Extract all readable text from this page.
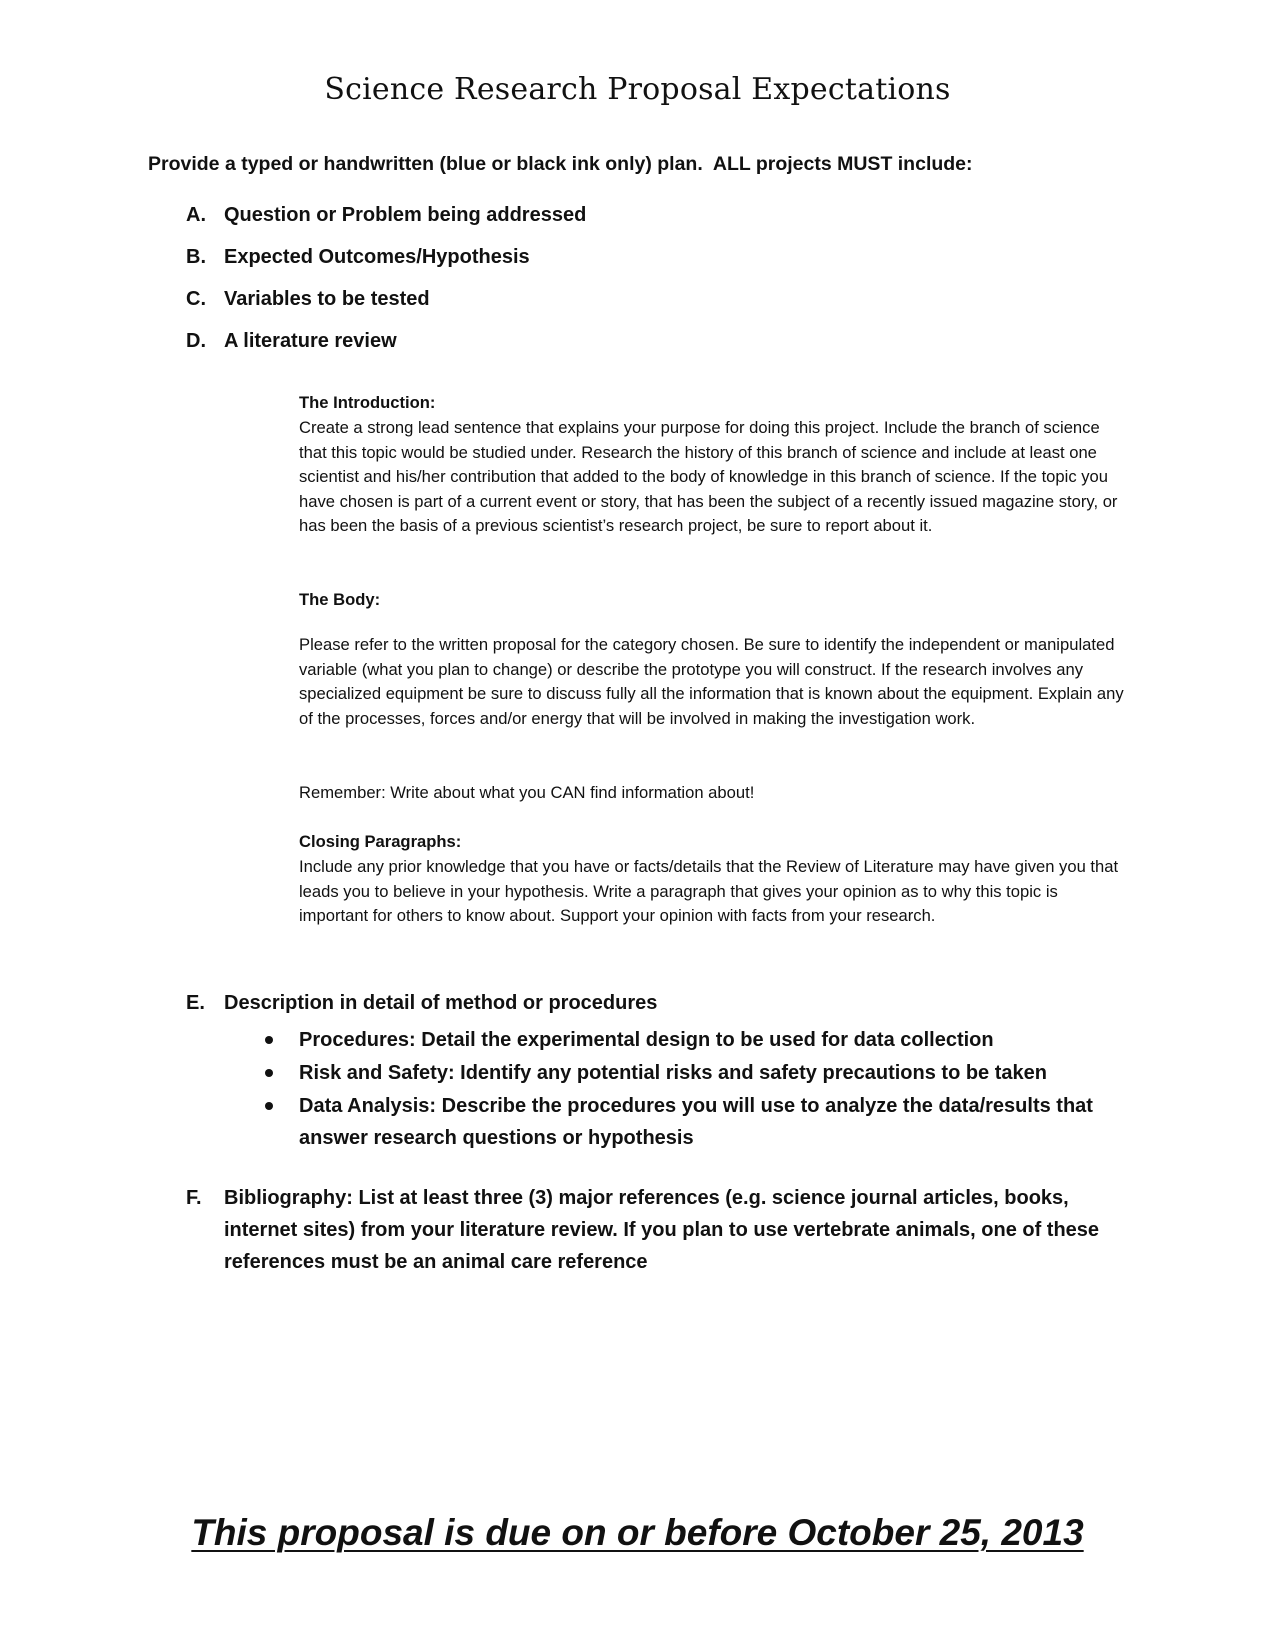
Science Research Proposal Expectations

Provide a typed or handwritten (blue or black ink only) plan.  ALL projects MUST include:

A. Question or Problem being addressed

B. Expected Outcomes/Hypothesis

C. Variables to be tested

D. A literature review

The Introduction:

Create a strong lead sentence that explains your purpose for doing this project. Include the branch of science that this topic would be studied under. Research the history of this branch of science and include at least one scientist and his/her contribution that added to the body of knowledge in this branch of science. If the topic you have chosen is part of a current event or story, that has been the subject of a recently issued magazine story, or has been the basis of a previous scientist’s research project, be sure to report about it.

The Body:

Please refer to the written proposal for the category chosen. Be sure to identify the independent or manipulated variable (what you plan to change) or describe the prototype you will construct. If the research involves any specialized equipment be sure to discuss fully all the information that is known about the equipment. Explain any of the processes, forces and/or energy that will be involved in making the investigation work.

Remember: Write about what you CAN find information about!

Closing Paragraphs:

Include any prior knowledge that you have or facts/details that the Review of Literature may have given you that leads you to believe in your hypothesis. Write a paragraph that gives your opinion as to why this topic is important for others to know about. Support your opinion with facts from your research.

E. Description in detail of method or procedures

Procedures: Detail the experimental design to be used for data collection
Risk and Safety: Identify any potential risks and safety precautions to be taken
Data Analysis: Describe the procedures you will use to analyze the data/results that answer research questions or hypothesis
F.	Bibliography: List at least three (3) major references (e.g. science journal articles, books, internet sites) from your literature review. If you plan to use vertebrate animals, one of these references must be an animal care reference

This proposal is due on or before October 25, 2013
